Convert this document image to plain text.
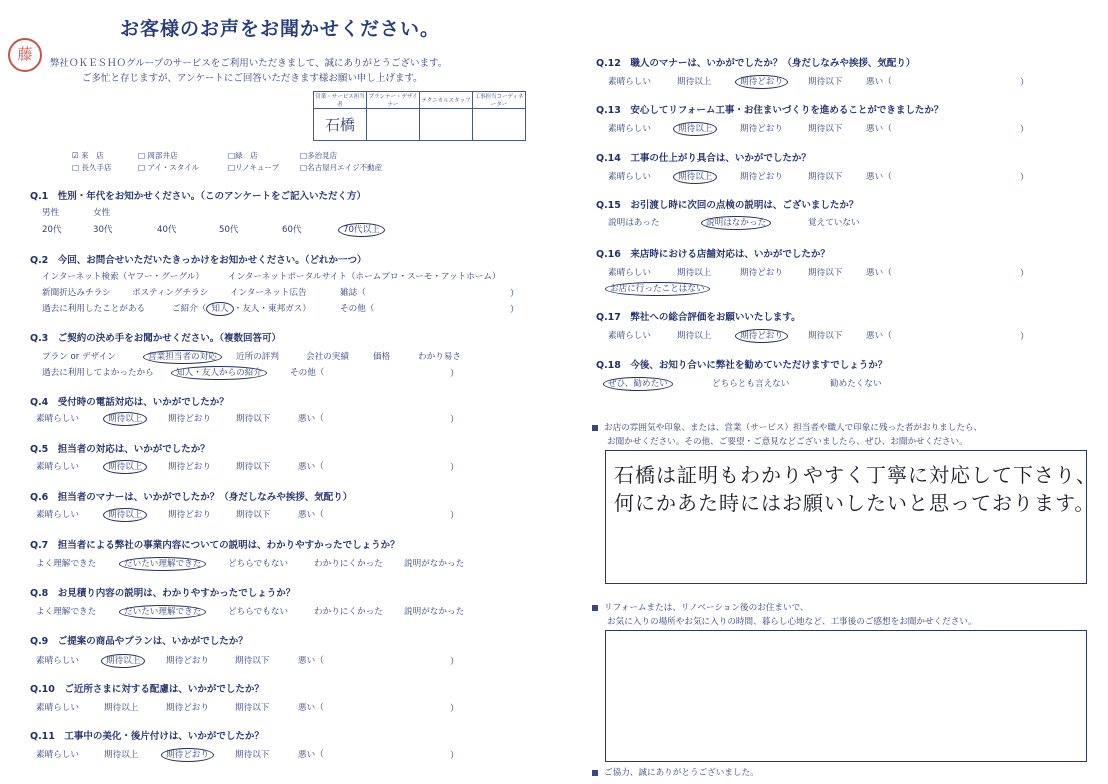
お客様のお声をお聞かせください。
藤
弊社ＯＫＥＳＨＯグループのサービスをご利用いただきまして、誠にありがとうございます。
ご多忙と存じますが、アンケートにご回答いただきます様お願い申し上げます。
営業・サービス担当者	プランナー・デザイナー	テクニカルスタッフ	工事担当コーディネーター
石橋			
☑ 来　店	□ 岡部井店	□緑　店	□多治見店
□ 長久手店	□ アイ・スタイル	□リノキューブ	□名古屋月エイジ不動産
Q.1　性別・年代をお知かせください。（このアンケートをご記入いただく方）
男性	女性
20代	30代	40代	50代	60代	70代以上
Q.2　今回、お問合せいただいたきっかけをお知かせください。（どれか一つ）
インターネット検索（ヤフー・グーグル）	インターネットポータルサイト（ホームプロ・スーモ・アットホーム）
新聞折込みチラシ ポスティングチラシ	インターネット広告	雑誌（	）
過去に利用したことがある	ご紹介（ 知人 ・友人・東邦ガス）	その他（	）
Q.3　ご契約の決め手をお聞かせください。（複数回答可）
プラン or デザイン	営業担当者の対応 近所の評判	会社の実績	価格	わかり易さ
過去に利用してよかったから	知人・友人からの紹介	その他（	）
Q.4　受付時の電話対応は、いかがでしたか？
素晴らしい	期待以上	期待どおり	期待以下	悪い（	）
Q.5　担当者の対応は、いかがでしたか？
素晴らしい	期待以上	期待どおり	期待以下	悪い（	）
Q.6　担当者のマナーは、いかがでしたか？（身だしなみや挨拶、気配り）
素晴らしい	期待以上	期待どおり	期待以下	悪い（	）
Q.7　担当者による弊社の事業内容についての説明は、わかりやすかったでしょうか？
よく理解できた	だいたい理解できた	どちらでもない	わかりにくかった 説明がなかった
Q.8　お見積り内容の説明は、わかりやすかったでしょうか？
よく理解できた	だいたい理解できた	どちらでもない	わかりにくかった 説明がなかった
Q.9　ご提案の商品やプランは、いかがでしたか？
素晴らしい	期待以上	期待どおり	期待以下	悪い（	）
Q.10　ご近所さまに対する配慮は、いかがでしたか？
素晴らしい	期待以上	期待どおり	期待以下	悪い（	）
Q.11　工事中の美化・後片付けは、いかがでしたか？
素晴らしい	期待以上	期待どおり	期待以下	悪い（	）
Q.12　職人のマナーは、いかがでしたか？（身だしなみや挨拶、気配り）
素晴らしい	期待以上	期待どおり	期待以下	悪い（	）
Q.13　安心してリフォーム工事・お住まいづくりを進めることができましたか？
素晴らしい	期待以上	期待どおり	期待以下	悪い（	）
Q.14　工事の仕上がり具合は、いかがでしたか？
素晴らしい	期待以上	期待どおり	期待以下	悪い（	）
Q.15　お引渡し時に次回の点検の説明は、ございましたか？
説明はあった	説明はなかった	覚えていない
Q.16　来店時における店舗対応は、いかがでしたか？
素晴らしい	期待以上	期待どおり	期待以下	悪い（	）
お店に行ったことはない
Q.17　弊社への総合評価をお願いいたします。
素晴らしい	期待以上	期待どおり	期待以下	悪い（	）
Q.18　今後、お知り合いに弊社を勧めていただけますでしょうか？
ぜひ、勧めたい	どちらとも言えない	勧めたくない
お店の雰囲気や印象、または、営業（サービス）担当者や職人で印象に残った者がおりましたら、
お聞かせください。その他、ご要望・ご意見などございましたら、ぜひ、お聞かせください。
石橋は証明もわかりやすく丁寧に対応して下さり、
何にかあた時にはお願いしたいと思っております。
リフォームまたは、リノベーション後のお住まいで、
お気に入りの場所やお気に入りの時間、暮らし心地など、工事後のご感想をお聞かせください。
ご協力、誠にありがとうございました。
